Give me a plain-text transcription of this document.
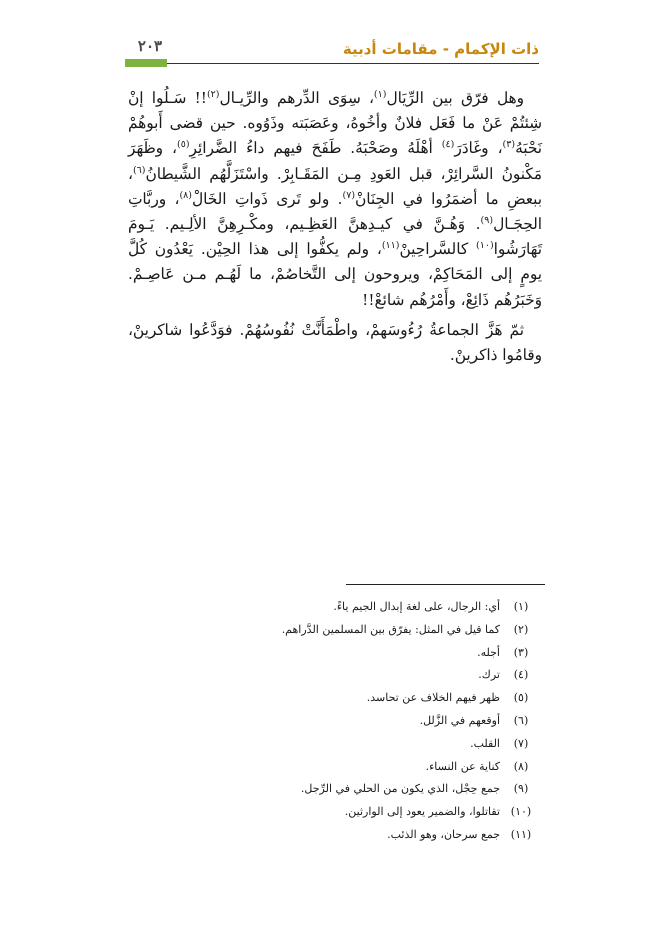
٢٠٣	ذات الإكمام - مقامات أدبية

وهل فرّق بين الرِّيَال$^{(١)}$، سِوَى الدِّرهم والرِّيـال$^{(٢)}$!! سَـلُوا إنْ شِئتُمْ عَنْ ما فَعَل فلانٌ وأخُوهُ، وعَصَبَته وذَوُوه. حين قضى أَبوهُمْ نَحْبَهُ$^{(٣)}$، وغَادَرَ$^{(٤)}$ أهْلَهُ وصَحْبَهُ. طَفَحَ فيهم داءُ الضَّرائِرِ$^{(٥)}$، وظَهَرَ مَكْنونُ السَّرائِرْ، قبل العَودِ مِـن المَقَـابِرْ. واسْتَزَلَّهُم الشَّيطانُ$^{(٦)}$، ببعضِ ما أضمَرُوا في الجِنَانْ$^{(٧)}$. ولو تَرى ذَواتِ الخَالْ$^{(٨)}$، وربَّاتِ الحِجَـال$^{(٩)}$. وَهُـنَّ في كيـدِهنَّ العَظِـيم، ومكْـرِهِنَّ الألِـيم. يَـومَ تَهَارَشُوا$^{(١٠)}$ كالسَّراحِينْ$^{(١١)}$، ولم يكفُّوا إلى هذا الحِيْن. يَعْدُون كُلَّ يومٍ إلى المَحَاكِمْ، ويروحون إلى التَّخاصُمْ، ما لَهُـم مـن عَاصِـمْ. وَخَبَرُهُم ذَائِعْ، وأَمْرُهُم شائعْ!!

ثمّ هَزَّ الجماعةُ رُءُوسَهمْ، واطْمَأَنَّتْ نُفُوسُهُمْ. فوَدَّعُوا شاكرينْ، وقامُوا ذاكرينْ.

(١)
أي: الرجال، على لغة إبدال الجيم ياءً.
(٢)
كما قيل في المثل: يفرّق بين المسلمين الدَّراهم.
(٣)
أجله.
(٤)
ترك.
(٥)
ظهر فيهم الخلاف عن تحاسد.
(٦)
أوقعهم في الزَّلل.
(٧)
القلب.
(٨)
كناية عن النساء.
(٩)
جمع حِجْل، الذي يكون من الحلي في الرِّجل.
(١٠)
تقاتلوا، والضمير يعود إلى الوارثين.
(١١)
جمع سرحان، وهو الذئب.
